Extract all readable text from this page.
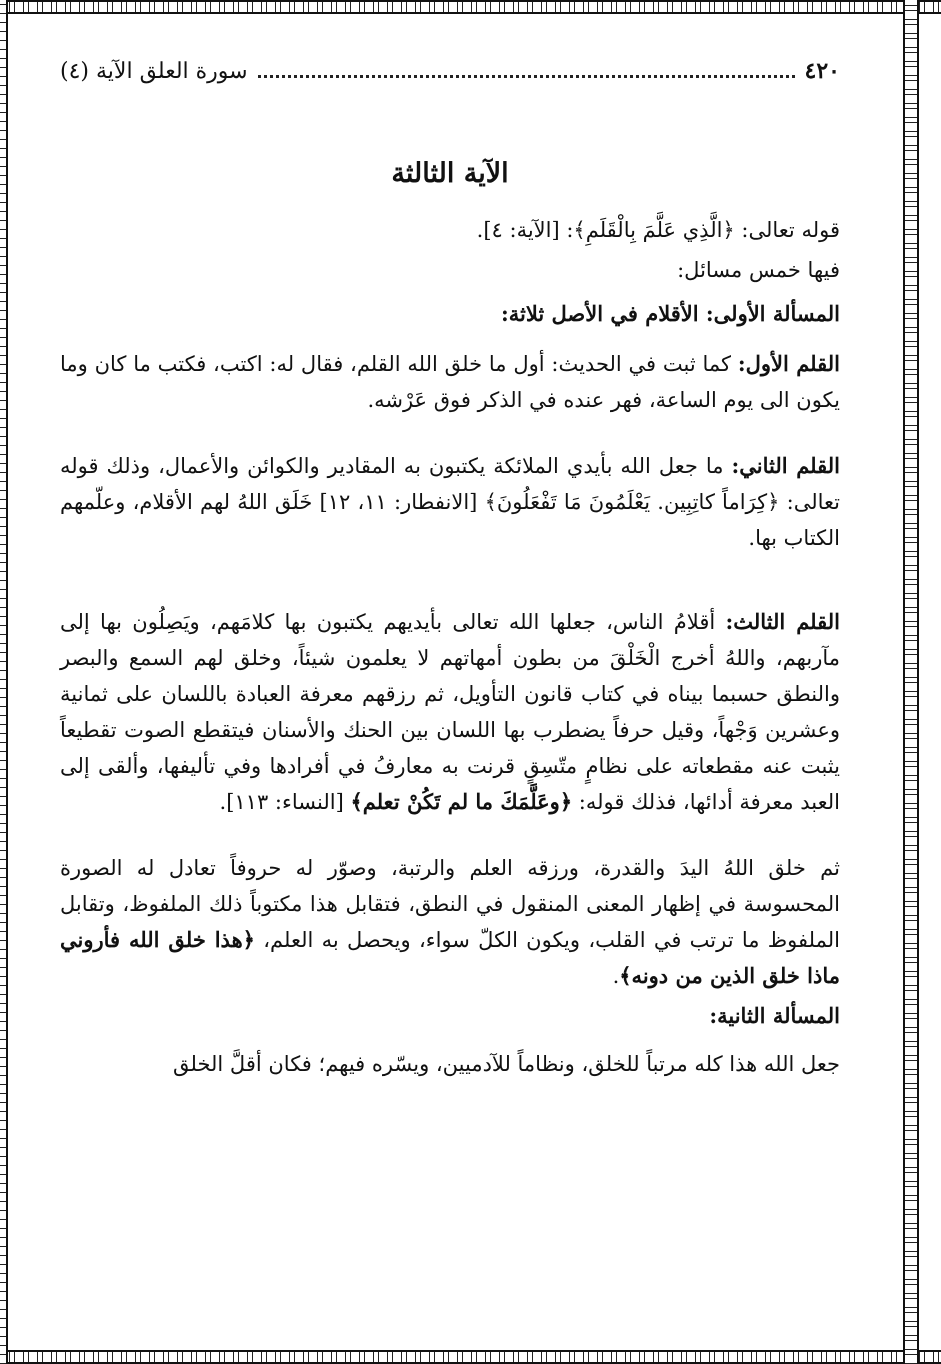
٤٢٠
سورة العلق الآية (٤)
الآية الثالثة

قوله تعالى: ﴿الَّذِي عَلَّمَ بِالْقَلَمِ﴾: [الآية: ٤].

فيها خمس مسائل:

المسألة الأولى: الأقلام في الأصل ثلاثة:

القلم الأول: كما ثبت في الحديث: أول ما خلق الله القلم، فقال له: اكتب، فكتب ما كان وما يكون الى يوم الساعة، فهر عنده في الذكر فوق عَرْشه.

القلم الثاني: ما جعل الله بأيدي الملائكة يكتبون به المقادير والكوائن والأعمال، وذلك قوله تعالى: ﴿كِرَاماً كاتِبِين. يَعْلَمُونَ مَا تَفْعَلُونَ﴾ [الانفطار: ١١، ١٢] خَلَق اللهُ لهم الأقلام، وعلّمهم الكتاب بها.

القلم الثالث: أقلامُ الناس، جعلها الله تعالى بأيديهم يكتبون بها كلامَهم، ويَصِلُون بها إلى مآربهم، واللهُ أخرج الْخَلْقَ من بطون أمهاتهم لا يعلمون شيئاً، وخلق لهم السمع والبصر والنطق حسبما بيناه في كتاب قانون التأويل، ثم رزقهم معرفة العبادة باللسان على ثمانية وعشرين وَجْهاً، وقيل حرفاً يضطرب بها اللسان بين الحنك والأسنان فيتقطع الصوت تقطيعاً يثبت عنه مقطعاته على نظامٍ متّسِقٍ قرنت به معارفُ في أفرادها وفي تأليفها، وألقى إلى العبد معرفة أدائها، فذلك قوله: ﴿وعَلَّمَكَ ما لم تَكُنْ تعلم﴾ [النساء: ١١٣].

ثم خلق اللهُ اليدَ والقدرة، ورزقه العلم والرتبة، وصوّر له حروفاً تعادل له الصورة المحسوسة في إظهار المعنى المنقول في النطق، فتقابل هذا مكتوباً ذلك الملفوظ، وتقابل الملفوظ ما ترتب في القلب، ويكون الكلّ سواء، ويحصل به العلم، ﴿هذا خلق الله فأروني ماذا خلق الذين من دونه﴾.

المسألة الثانية:

جعل الله هذا كله مرتباً للخلق، ونظاماً للآدميين، ويسّره فيهم؛ فكان أقلَّ الخلق
